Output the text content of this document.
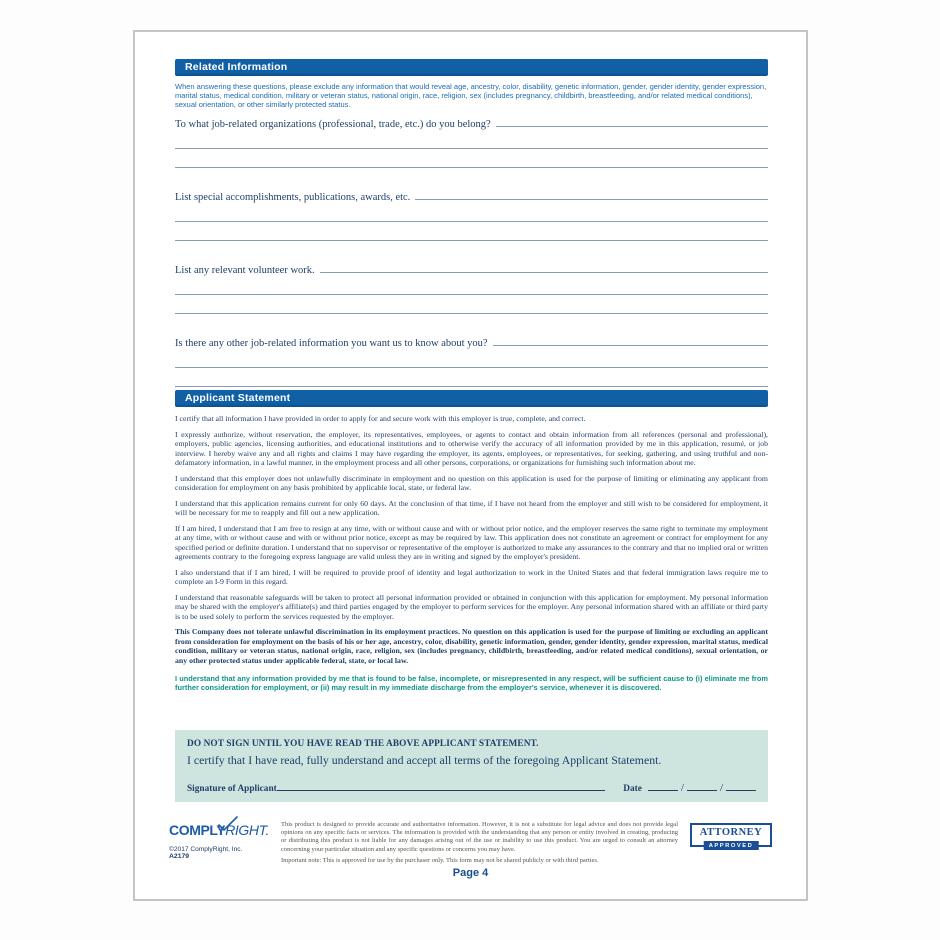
Related Information

When answering these questions, please exclude any information that would reveal age, ancestry, color, disability, genetic information, gender, gender identity, gender expression, marital status, medical condition, military or veteran status, national origin, race, religion, sex (includes pregnancy, childbirth, breastfeeding, and/or related medical conditions), sexual orientation, or other similarly protected status.

To what job-related organizations (professional, trade, etc.) do you belong?
List special accomplishments, publications, awards, etc.
List any relevant volunteer work.
Is there any other job-related information you want us to know about you?
Applicant Statement

I certify that all information I have provided in order to apply for and secure work with this employer is true, complete, and correct.

I expressly authorize, without reservation, the employer, its representatives, employees, or agents to contact and obtain information from all references (personal and professional), employers, public agencies, licensing authorities, and educational institutions and to otherwise verify the accuracy of all information provided by me in this application, resumé, or job interview. I hereby waive any and all rights and claims I may have regarding the employer, its agents, employees, or representatives, for seeking, gathering, and using truthful and non-defamatory information, in a lawful manner, in the employment process and all other persons, corporations, or organizations for furnishing such information about me.

I understand that this employer does not unlawfully discriminate in employment and no question on this application is used for the purpose of limiting or eliminating any applicant from consideration for employment on any basis prohibited by applicable local, state, or federal law.

I understand that this application remains current for only 60 days. At the conclusion of that time, if I have not heard from the employer and still wish to be considered for employment, it will be necessary for me to reapply and fill out a new application.

If I am hired, I understand that I am free to resign at any time, with or without cause and with or without prior notice, and the employer reserves the same right to terminate my employment at any time, with or without cause and with or without prior notice, except as may be required by law. This application does not constitute an agreement or contract for employment for any specified period or definite duration. I understand that no supervisor or representative of the employer is authorized to make any assurances to the contrary and that no implied oral or written agreements contrary to the foregoing express language are valid unless they are in writing and signed by the employer's president.

I also understand that if I am hired, I will be required to provide proof of identity and legal authorization to work in the United States and that federal immigration laws require me to complete an I-9 Form in this regard.

I understand that reasonable safeguards will be taken to protect all personal information provided or obtained in conjunction with this application for employment. My personal information may be shared with the employer's affiliate(s) and third parties engaged by the employer to perform services for the employer. Any personal information shared with an affiliate or third party is to be used solely to perform the services requested by the employer.

This Company does not tolerate unlawful discrimination in its employment practices. No question on this application is used for the purpose of limiting or excluding an applicant from consideration for employment on the basis of his or her age, ancestry, color, disability, genetic information, gender, gender identity, gender expression, marital status, medical condition, military or veteran status, national origin, race, religion, sex (includes pregnancy, childbirth, breastfeeding, and/or related medical conditions), sexual orientation, or any other protected status under applicable federal, state, or local law.

I understand that any information provided by me that is found to be false, incomplete, or misrepresented in any respect, will be sufficient cause to (i) eliminate me from further consideration for employment, or (ii) may result in my immediate discharge from the employer's service, whenever it is discovered.

DO NOT SIGN UNTIL YOU HAVE READ THE ABOVE APPLICANT STATEMENT.

I certify that I have read, fully understand and accept all terms of the foregoing Applicant Statement.

Signature of Applicant	Date	/	/
COMPLYRIGHT.
©2017 ComplyRight, Inc.
A2179

This product is designed to provide accurate and authoritative information. However, it is not a substitute for legal advice and does not provide legal opinions on any specific facts or services. The information is provided with the understanding that any person or entity involved in creating, producing or distributing this product is not liable for any damages arising out of the use or inability to use this product. You are urged to consult an attorney concerning your particular situation and any specific questions or concerns you may have.

Important note: This is approved for use by the purchaser only. This form may not be shared publicly or with third parties.

ATTORNEY
APPROVED
Page 4
